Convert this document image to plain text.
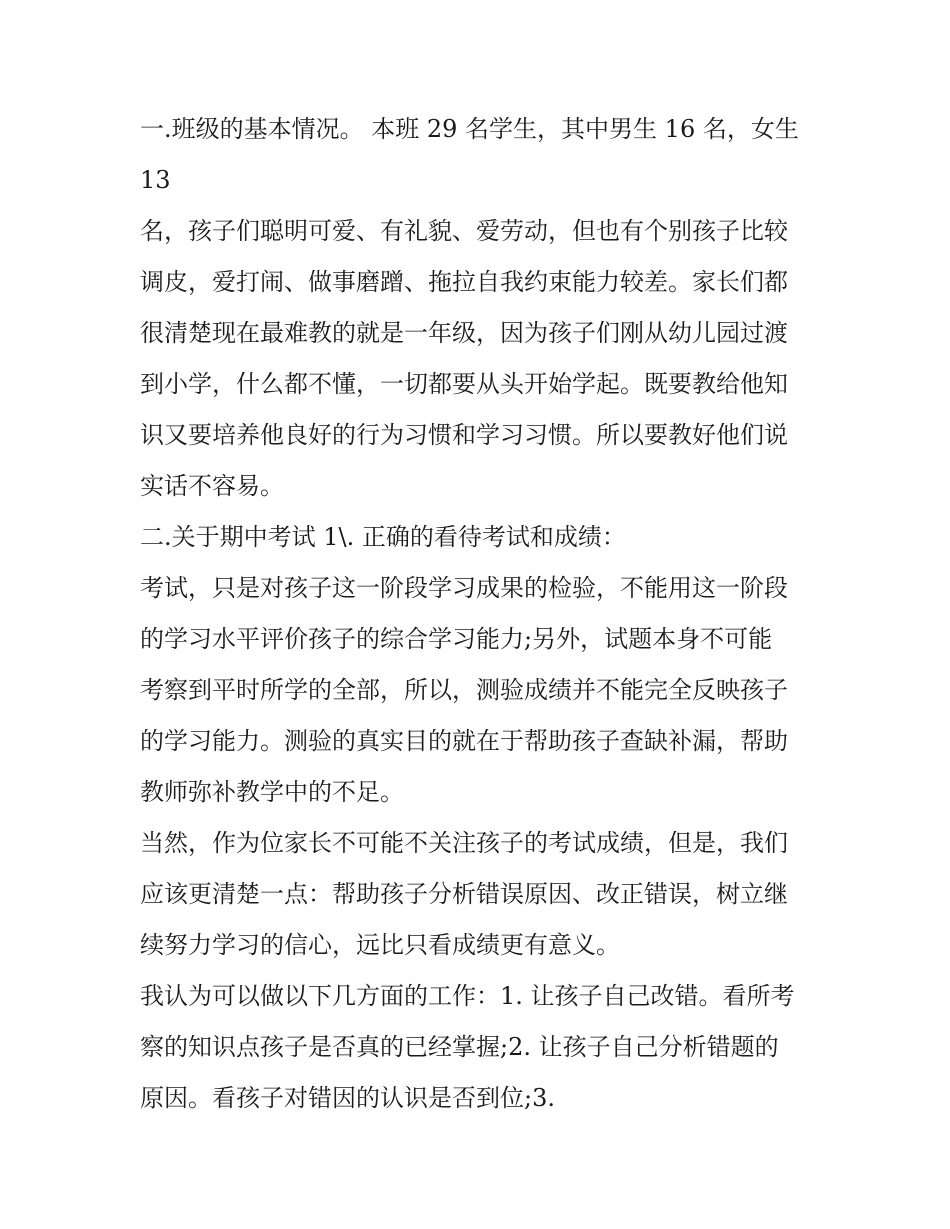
一.班级的基本情况。 本班 29 名学生，其中男生 16 名，女生

13

名，孩子们聪明可爱、有礼貌、爱劳动，但也有个别孩子比较

调皮，爱打闹、做事磨蹭、拖拉自我约束能力较差。家长们都

很清楚现在最难教的就是一年级，因为孩子们刚从幼儿园过渡

到小学，什么都不懂，一切都要从头开始学起。既要教给他知

识又要培养他良好的行为习惯和学习习惯。所以要教好他们说

实话不容易。

二.关于期中考试 1\. 正确的看待考试和成绩：

考试，只是对孩子这一阶段学习成果的检验，不能用这一阶段

的学习水平评价孩子的综合学习能力;另外，试题本身不可能

考察到平时所学的全部，所以，测验成绩并不能完全反映孩子

的学习能力。测验的真实目的就在于帮助孩子查缺补漏，帮助

教师弥补教学中的不足。

当然，作为位家长不可能不关注孩子的考试成绩，但是，我们

应该更清楚一点：帮助孩子分析错误原因、改正错误，树立继

续努力学习的信心，远比只看成绩更有意义。

我认为可以做以下几方面的工作：1. 让孩子自己改错。看所考

察的知识点孩子是否真的已经掌握;2. 让孩子自己分析错题的

原因。看孩子对错因的认识是否到位;3.
